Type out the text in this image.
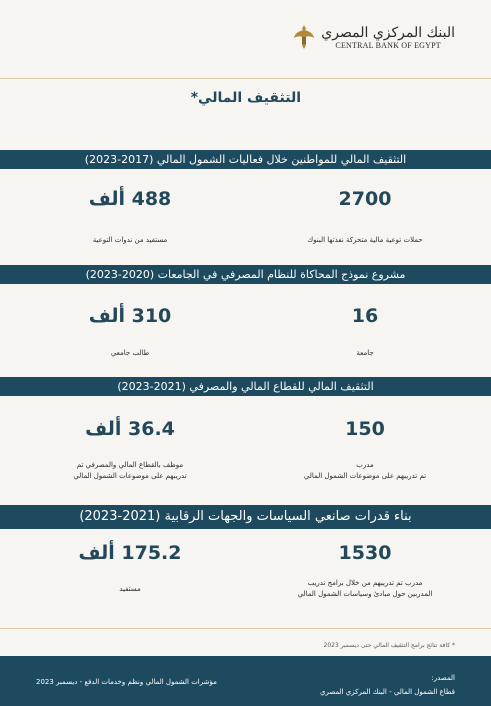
البنك المركزي المصري
CENTRAL BANK OF EGYPT
التثقيف المالي*
التثقيف المالي للمواطنين خلال فعاليات الشمول المالي (2017-2023)
2700
حملات توعية مالية متحركة نفذتها البنوك
488 ألف
مستفيد من ندوات التوعية
مشروع نموذج المحاكاة للنظام المصرفي في الجامعات (2020-2023)
16
جامعة
310 ألف
طالب جامعي
التثقيف المالي للقطاع المالي والمصرفي (2021-2023)
150
مدرب
تم تدريبهم على موضوعات الشمول المالي
36.4 ألف
موظف بالقطاع المالي والمصرفي تم
تدريبهم على موضوعات الشمول المالي
بناء قدرات صانعي السياسات والجهات الرقابية (2021-2023)
1530
مدرب تم تدريبهم من خلال برامج تدريب
المدربين حول مبادئ وسياسات الشمول المالي
175.2 ألف
مستفيد
* كافة نتائج برامج التثقيف المالي حتى ديسمبر 2023
المصدر:
قطاع الشمول المالي - البنك المركزي المصري
مؤشرات الشمول المالي ونظم وخدمات الدفع - ديسمبر 2023
